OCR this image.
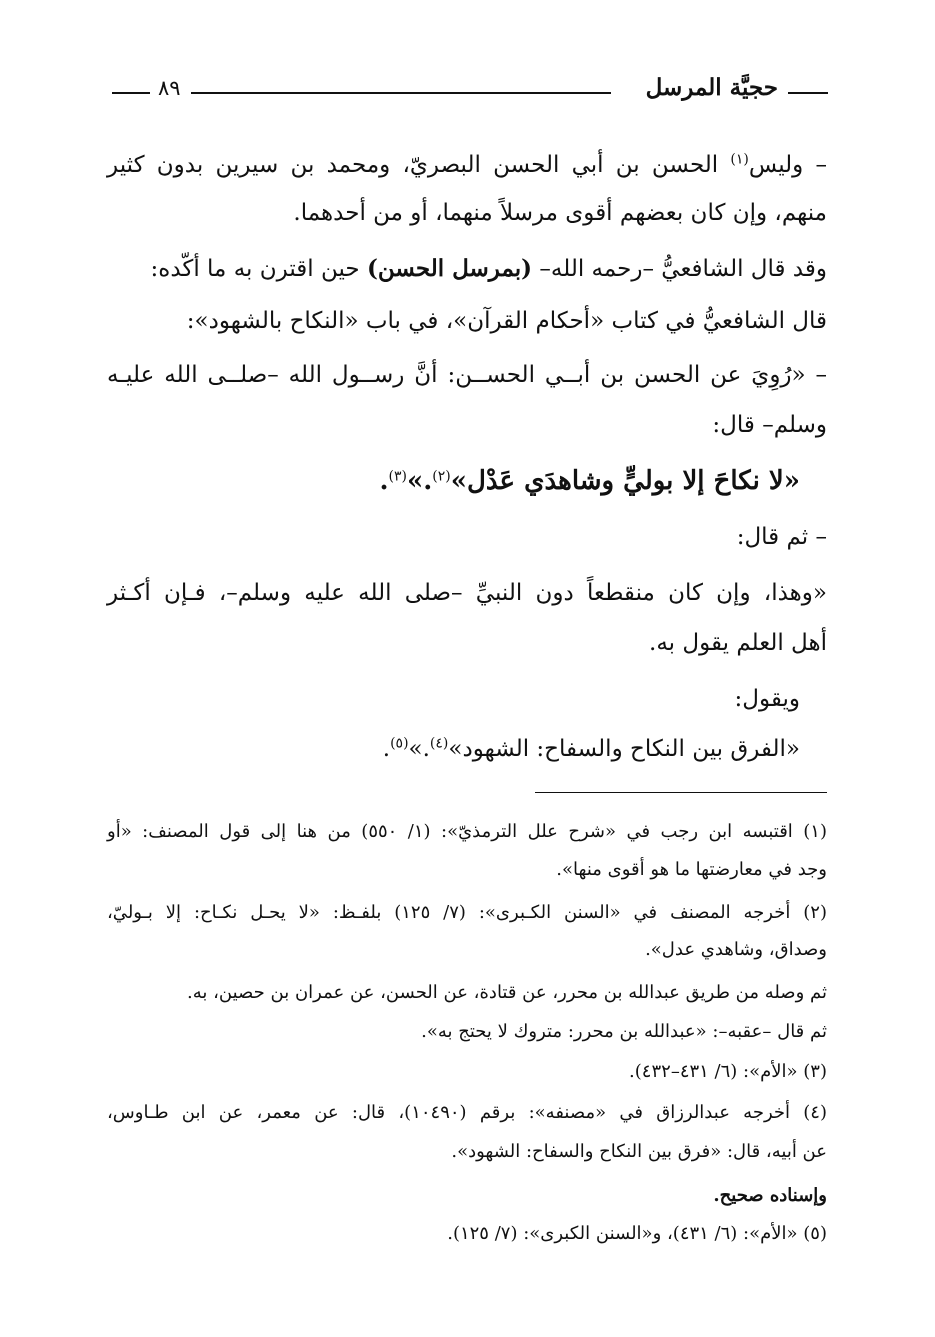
حجيَّة المرسل
٨٩
– وليس$^{(١)}$ الحسن بن أبي الحسن البصريّ، ومحمد بن سيرين بدون كثير
منهم، وإن كان بعضهم أقوى مرسلاً منهما، أو من أحدهما.
وقد قال الشافعيُّ –رحمه الله– (بمرسل الحسن) حين اقترن به ما أكّده:
قال الشافعيُّ في كتاب «أحكام القرآن»، في باب «النكاح بالشهود»:
– «رُوِيَ عن الحسن بن أبــي الحســن: أنَّ رســول الله –صلــى الله عليـه
وسلم– قال:
«لا نكاحَ إلا بوليٍّ وشاهدَي عَدْل»$^{(٢)}$.»$^{(٣)}$.
– ثم قال:
«وهذا، وإن كان منقطعاً دون النبيِّ –صلى الله عليه وسلم–، فـإن أكـثر
أهل العلم يقول به.
ويقول:
«الفرق بين النكاح والسفاح: الشهود»$^{(٤)}$.»$^{(٥)}$.
(١) اقتبسه ابن رجب في «شرح علل الترمذيّ»: (١/ ٥٥٠) من هنا إلى قول المصنف: «أو
وجد في معارضتها ما هو أقوى منها».
(٢) أخرجه المصنف في «السنن الكـبرى»: (٧/ ١٢٥) بلفـظ: «لا يحـل نكـاح: إلا بـوليّ،
وصداق، وشاهدي عدل».
ثم وصله من طريق عبدالله بن محرر، عن قتادة، عن الحسن، عن عمران بن حصين، به.
ثم قال –عقبه–: «عبدالله بن محرر: متروك لا يحتج به».
(٣) «الأم»: (٦/ ٤٣١–٤٣٢).
(٤) أخرجه عبدالرزاق في «مصنفه»: برقم (١٠٤٩٠)، قال: عن معمر، عن ابن طـاوس،
عن أبيه، قال: «فرق بين النكاح والسفاح: الشهود».
وإسناده صحيح.
(٥) «الأم»: (٦/ ٤٣١)، و«السنن الكبرى»: (٧/ ١٢٥).
